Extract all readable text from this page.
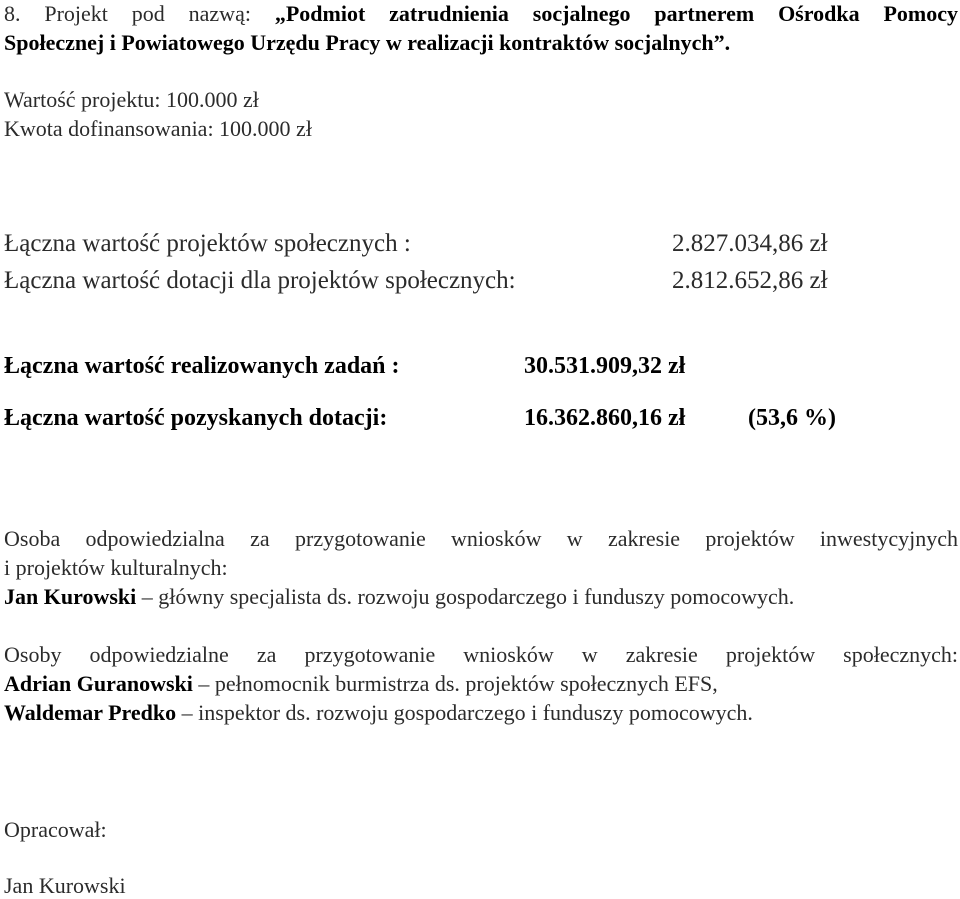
8. Projekt pod nazwą: „Podmiot zatrudnienia socjalnego partnerem Ośrodka Pomocy
Społecznej i Powiatowego Urzędu Pracy w realizacji kontraktów socjalnych”.
Wartość projektu: 100.000 zł
Kwota dofinansowania: 100.000 zł
Łączna wartość projektów społecznych :	2.827.034,86 zł
Łączna wartość dotacji dla projektów społecznych:	2.812.652,86 zł
Łączna wartość realizowanych zadań :	30.531.909,32 zł
Łączna wartość pozyskanych dotacji:	16.362.860,16 zł	(53,6 %)
Osoba odpowiedzialna za przygotowanie wniosków w zakresie projektów inwestycyjnych
i projektów kulturalnych:
Jan Kurowski – główny specjalista ds. rozwoju gospodarczego i funduszy pomocowych.
Osoby odpowiedzialne za przygotowanie wniosków w zakresie projektów społecznych:
Adrian Guranowski – pełnomocnik burmistrza ds. projektów społecznych EFS,
Waldemar Predko – inspektor ds. rozwoju gospodarczego i funduszy pomocowych.
Opracował:
Jan Kurowski
